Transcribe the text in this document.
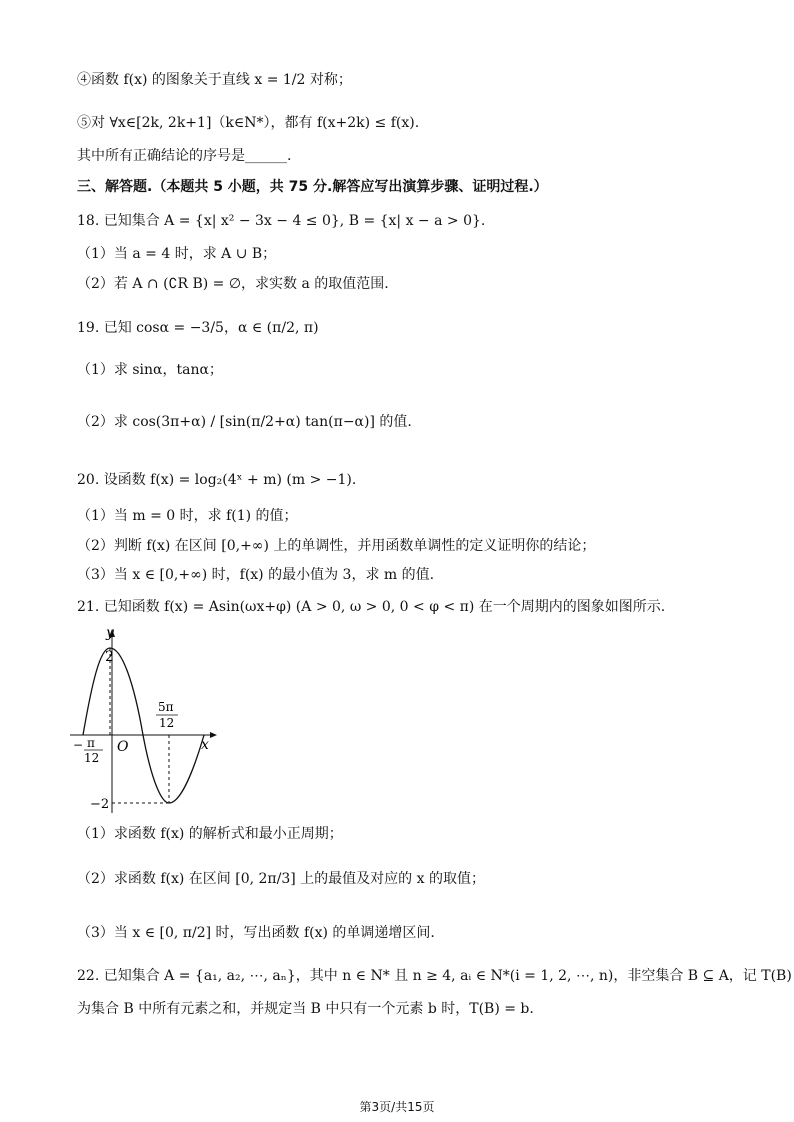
④函数 f(x) 的图象关于直线 x = 1/2 对称；
⑤对 ∀x∈[2k, 2k+1]（k∈N*），都有 f(x+2k) ≤ f(x).
其中所有正确结论的序号是______.
三、解答题.（本题共 5 小题，共 75 分.解答应写出演算步骤、证明过程.）
18. 已知集合 A = {x| x² − 3x − 4 ≤ 0}, B = {x| x − a > 0}.
（1）当 a = 4 时，求 A ∪ B；
（2）若 A ∩ (∁R B) = ∅，求实数 a 的取值范围.
19. 已知 cosα = −3/5，α ∈ (π/2, π)
（1）求 sinα，tanα；
（2）求 cos(3π+α) / [sin(π/2+α) tan(π−α)] 的值.
20. 设函数 f(x) = log₂(4ˣ + m) (m > −1).
（1）当 m = 0 时，求 f(1) 的值；
（2）判断 f(x) 在区间 [0,+∞) 上的单调性，并用函数单调性的定义证明你的结论；
（3）当 x ∈ [0,+∞) 时，f(x) 的最小值为 3，求 m 的值.
21. 已知函数 f(x) = Asin(ωx+φ) (A > 0, ω > 0, 0 < φ < π) 在一个周期内的图象如图所示.
y
x
O
2
−2
− π
12
5π
12
（1）求函数 f(x) 的解析式和最小正周期；
（2）求函数 f(x) 在区间 [0, 2π/3] 上的最值及对应的 x 的取值；
（3）当 x ∈ [0, π/2] 时，写出函数 f(x) 的单调递增区间.
22. 已知集合 A = {a₁, a₂, ⋯, aₙ}，其中 n ∈ N* 且 n ≥ 4, aᵢ ∈ N*(i = 1, 2, ⋯, n)，非空集合 B ⊆ A，记 T(B)
为集合 B 中所有元素之和，并规定当 B 中只有一个元素 b 时，T(B) = b.
第3页/共15页
